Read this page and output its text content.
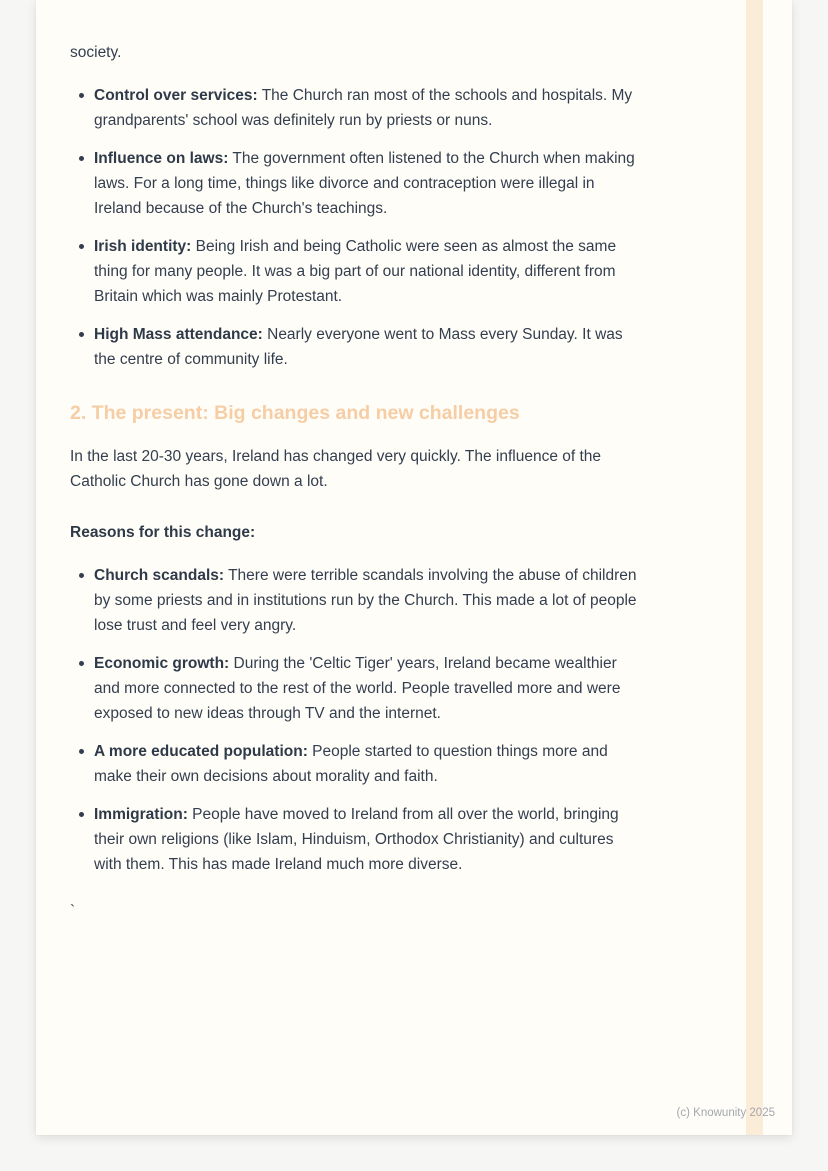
society.

Control over services: The Church ran most of the schools and hospitals. My grandparents' school was definitely run by priests or nuns.
Influence on laws: The government often listened to the Church when making laws. For a long time, things like divorce and contraception were illegal in Ireland because of the Church's teachings.
Irish identity: Being Irish and being Catholic were seen as almost the same thing for many people. It was a big part of our national identity, different from Britain which was mainly Protestant.
High Mass attendance: Nearly everyone went to Mass every Sunday. It was the centre of community life.
2. The present: Big changes and new challenges

In the last 20-30 years, Ireland has changed very quickly. The influence of the Catholic Church has gone down a lot.

Reasons for this change:

Church scandals: There were terrible scandals involving the abuse of children by some priests and in institutions run by the Church. This made a lot of people lose trust and feel very angry.
Economic growth: During the 'Celtic Tiger' years, Ireland became wealthier and more connected to the rest of the world. People travelled more and were exposed to new ideas through TV and the internet.
A more educated population: People started to question things more and make their own decisions about morality and faith.
Immigration: People have moved to Ireland from all over the world, bringing their own religions (like Islam, Hinduism, Orthodox Christianity) and cultures with them. This has made Ireland much more diverse.

`

(c) Knowunity 2025
